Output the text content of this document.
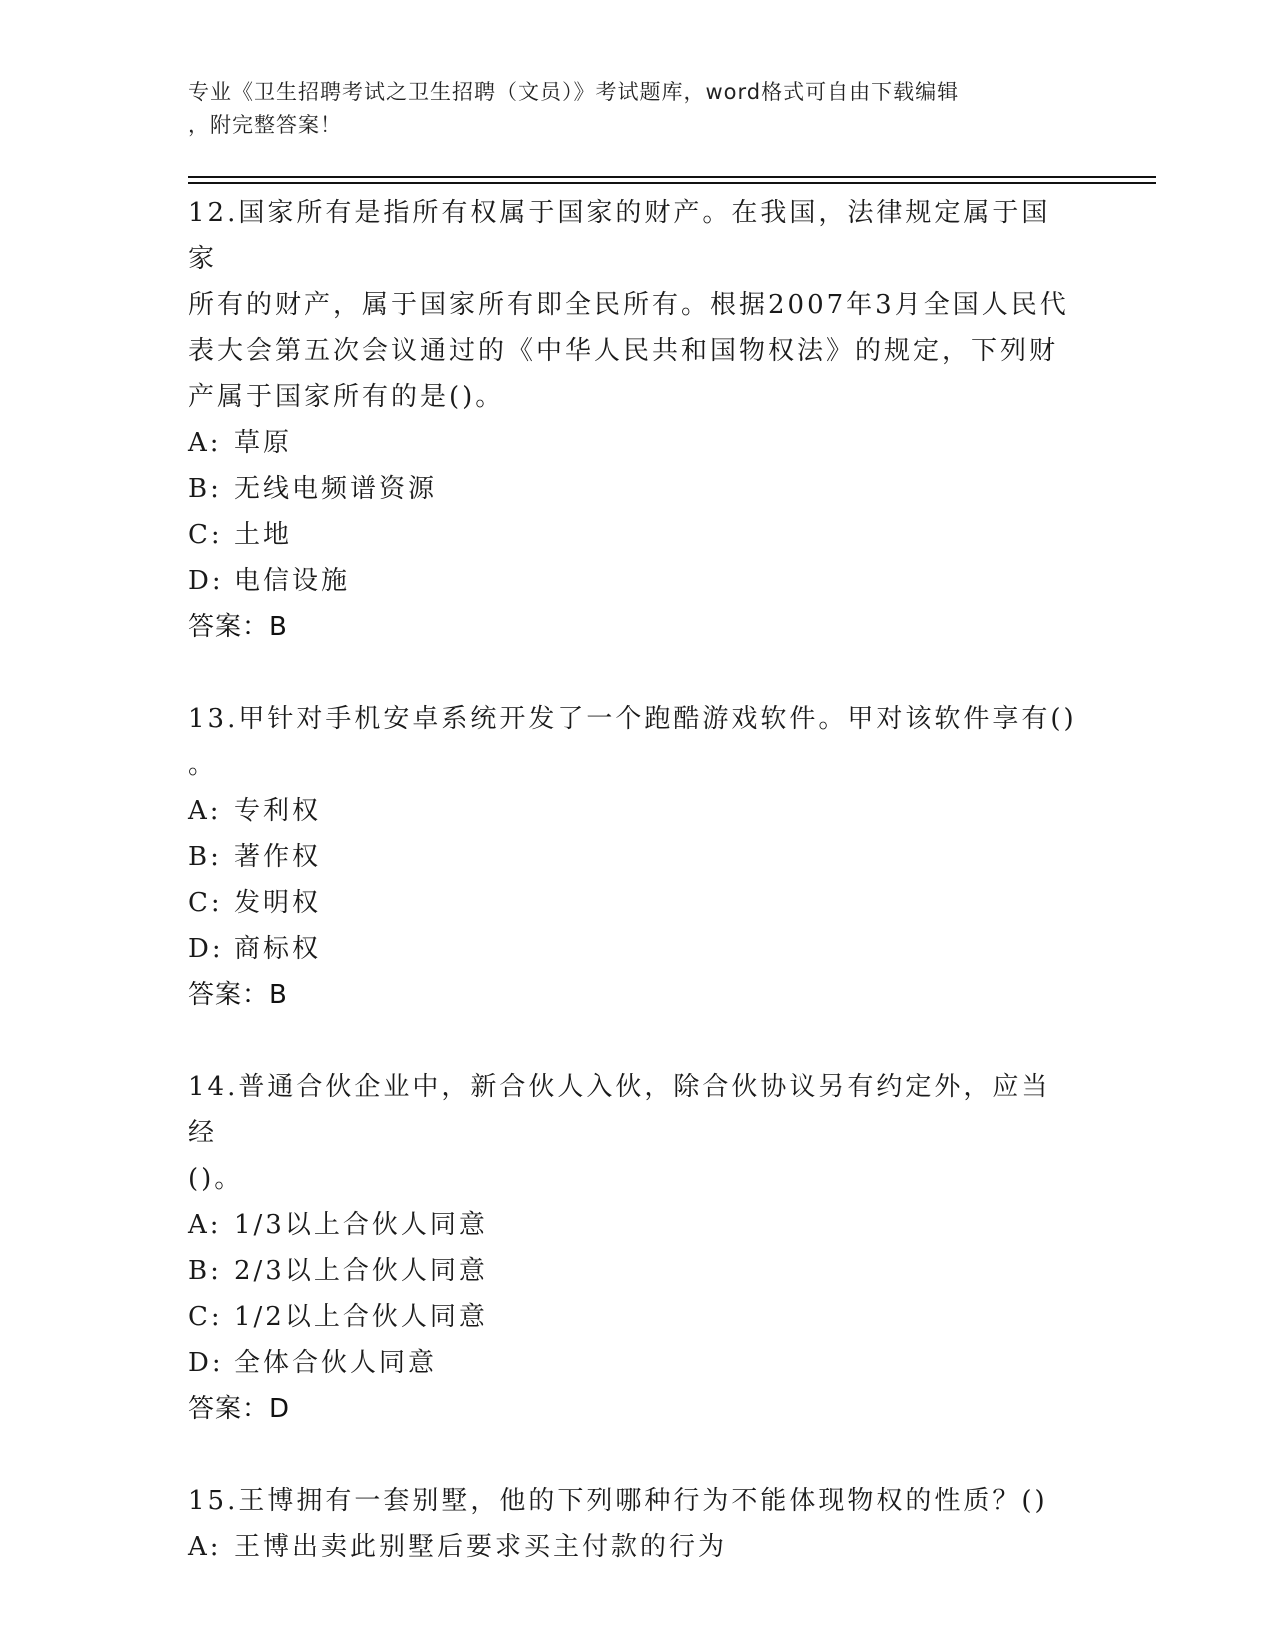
专业《卫生招聘考试之卫生招聘（文员）》考试题库，word格式可自由下载编辑
，附完整答案！

12.国家所有是指所有权属于国家的财产。在我国，法律规定属于国家

所有的财产，属于国家所有即全民所有。根据2007年3月全国人民代

表大会第五次会议通过的《中华人民共和国物权法》的规定，下列财

产属于国家所有的是()。

A: 草原

B: 无线电频谱资源

C: 土地

D: 电信设施

答案：B

13.甲针对手机安卓系统开发了一个跑酷游戏软件。甲对该软件享有()

。

A: 专利权

B: 著作权

C: 发明权

D: 商标权

答案：B

14.普通合伙企业中，新合伙人入伙，除合伙协议另有约定外，应当经

()。

A: 1/3以上合伙人同意

B: 2/3以上合伙人同意

C: 1/2以上合伙人同意

D: 全体合伙人同意

答案：D

15.王博拥有一套别墅，他的下列哪种行为不能体现物权的性质？()

A: 王博出卖此别墅后要求买主付款的行为
